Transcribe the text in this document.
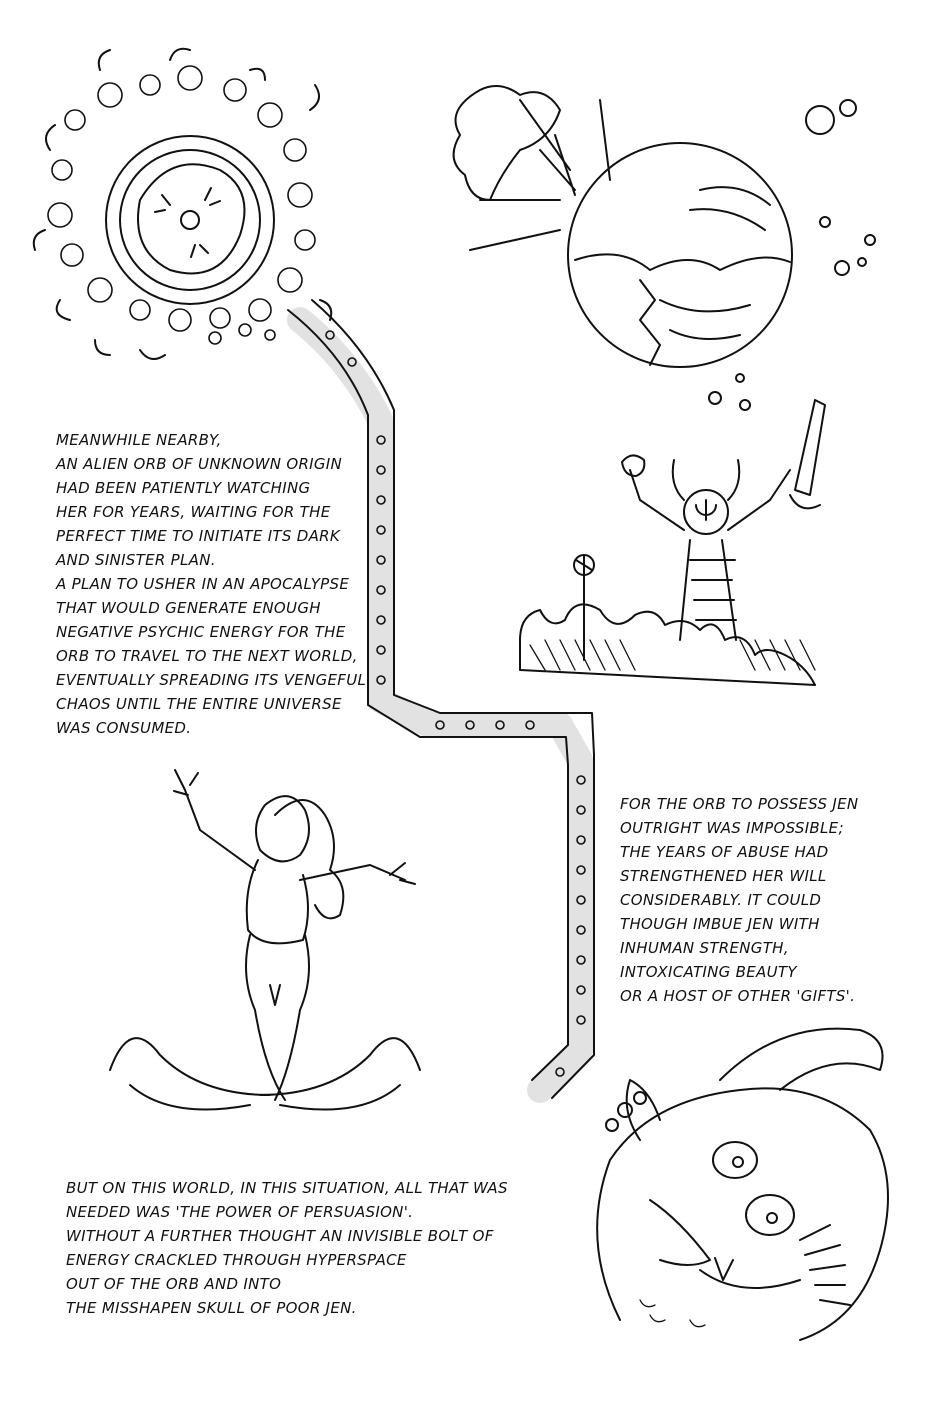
MEANWHILE NEARBY,
AN ALIEN ORB OF UNKNOWN ORIGIN
HAD BEEN PATIENTLY WATCHING
HER FOR YEARS, WAITING FOR THE
PERFECT TIME TO INITIATE ITS DARK
AND SINISTER PLAN.
A PLAN TO USHER IN AN APOCALYPSE
THAT WOULD GENERATE ENOUGH
NEGATIVE PSYCHIC ENERGY FOR THE
ORB TO TRAVEL TO THE NEXT WORLD,
EVENTUALLY SPREADING ITS VENGEFUL
CHAOS UNTIL THE ENTIRE UNIVERSE
WAS CONSUMED.
FOR THE ORB TO POSSESS JEN
OUTRIGHT WAS IMPOSSIBLE;
THE YEARS OF ABUSE HAD
STRENGTHENED HER WILL
CONSIDERABLY. IT COULD
THOUGH IMBUE JEN WITH
INHUMAN STRENGTH,
INTOXICATING BEAUTY
OR A HOST OF OTHER 'GIFTS'.
BUT ON THIS WORLD, IN THIS SITUATION, ALL THAT WAS
NEEDED WAS 'THE POWER OF PERSUASION'.
WITHOUT A FURTHER THOUGHT AN INVISIBLE BOLT OF
ENERGY CRACKLED THROUGH HYPERSPACE
OUT OF THE ORB AND INTO
THE MISSHAPEN SKULL OF POOR JEN.
